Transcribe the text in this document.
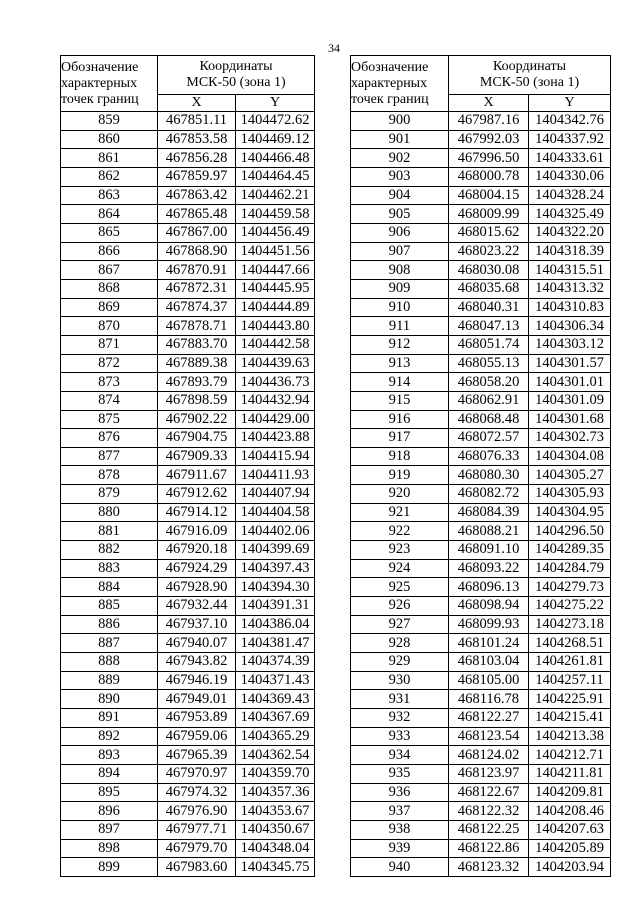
34
Обозначение
характерных
точек границ	Координаты
МСК-50 (зона 1)	

	X	Y
859	467851.11	1404472.62
860	467853.58	1404469.12
861	467856.28	1404466.48
862	467859.97	1404464.45
863	467863.42	1404462.21
864	467865.48	1404459.58
865	467867.00	1404456.49
866	467868.90	1404451.56
867	467870.91	1404447.66
868	467872.31	1404445.95
869	467874.37	1404444.89
870	467878.71	1404443.80
871	467883.70	1404442.58
872	467889.38	1404439.63
873	467893.79	1404436.73
874	467898.59	1404432.94
875	467902.22	1404429.00
876	467904.75	1404423.88
877	467909.33	1404415.94
878	467911.67	1404411.93
879	467912.62	1404407.94
880	467914.12	1404404.58
881	467916.09	1404402.06
882	467920.18	1404399.69
883	467924.29	1404397.43
884	467928.90	1404394.30
885	467932.44	1404391.31
886	467937.10	1404386.04
887	467940.07	1404381.47
888	467943.82	1404374.39
889	467946.19	1404371.43
890	467949.01	1404369.43
891	467953.89	1404367.69
892	467959.06	1404365.29
893	467965.39	1404362.54
894	467970.97	1404359.70
895	467974.32	1404357.36
896	467976.90	1404353.67
897	467977.71	1404350.67
898	467979.70	1404348.04
899	467983.60	1404345.75
Обозначение
характерных
точек границ	Координаты
МСК-50 (зона 1)	

	X	Y
900	467987.16	1404342.76
901	467992.03	1404337.92
902	467996.50	1404333.61
903	468000.78	1404330.06
904	468004.15	1404328.24
905	468009.99	1404325.49
906	468015.62	1404322.20
907	468023.22	1404318.39
908	468030.08	1404315.51
909	468035.68	1404313.32
910	468040.31	1404310.83
911	468047.13	1404306.34
912	468051.74	1404303.12
913	468055.13	1404301.57
914	468058.20	1404301.01
915	468062.91	1404301.09
916	468068.48	1404301.68
917	468072.57	1404302.73
918	468076.33	1404304.08
919	468080.30	1404305.27
920	468082.72	1404305.93
921	468084.39	1404304.95
922	468088.21	1404296.50
923	468091.10	1404289.35
924	468093.22	1404284.79
925	468096.13	1404279.73
926	468098.94	1404275.22
927	468099.93	1404273.18
928	468101.24	1404268.51
929	468103.04	1404261.81
930	468105.00	1404257.11
931	468116.78	1404225.91
932	468122.27	1404215.41
933	468123.54	1404213.38
934	468124.02	1404212.71
935	468123.97	1404211.81
936	468122.67	1404209.81
937	468122.32	1404208.46
938	468122.25	1404207.63
939	468122.86	1404205.89
940	468123.32	1404203.94
